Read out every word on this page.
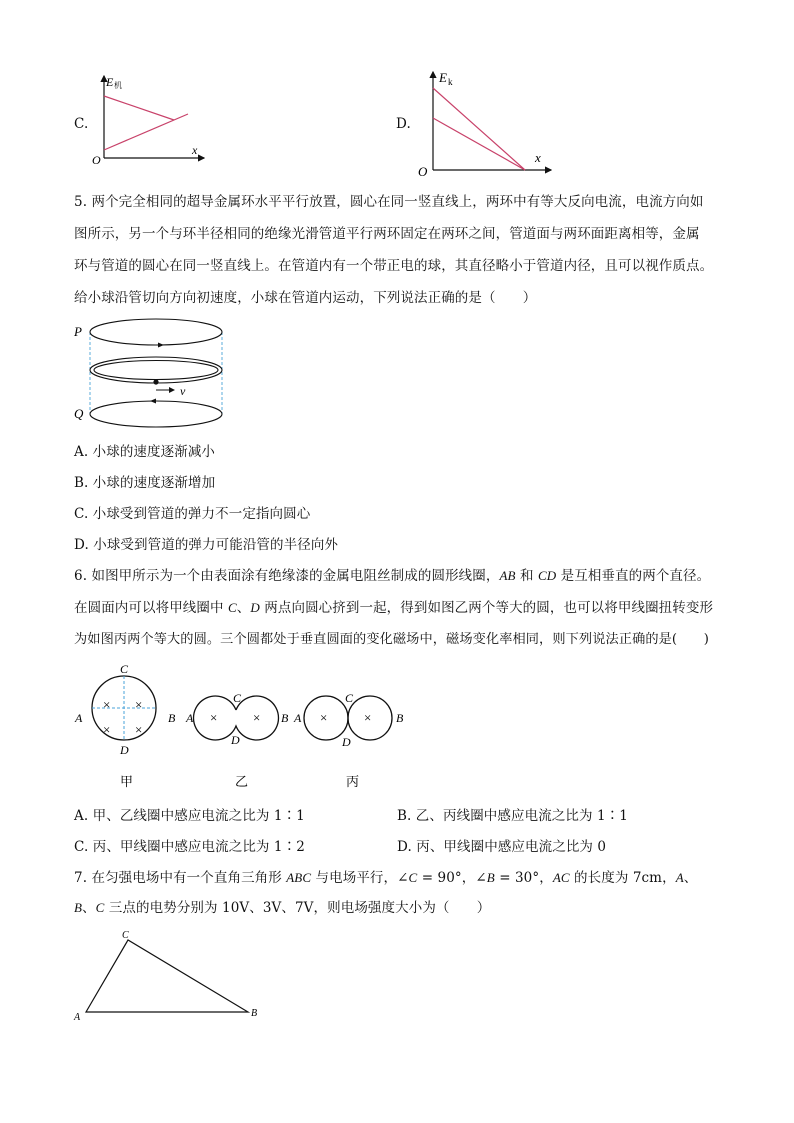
C.
E 机
x
O
D.
E k
x
O
5. 两个完全相同的超导金属环水平平行放置，圆心在同一竖直线上，两环中有等大反向电流，电流方向如
图所示，另一个与环半径相同的绝缘光滑管道平行两环固定在两环之间，管道面与两环面距离相等，金属
环与管道的圆心在同一竖直线上。在管道内有一个带正电的球，其直径略小于管道内径，且可以视作质点。
给小球沿管切向方向初速度，小球在管道内运动，下列说法正确的是（　　）
P
Q
v
A. 小球的速度逐渐减小
B. 小球的速度逐渐增加
C. 小球受到管道的弹力不一定指向圆心
D. 小球受到管道的弹力可能沿管的半径向外
6. 如图甲所示为一个由表面涂有绝缘漆的金属电阻丝制成的圆形线圈，AB 和 CD 是互相垂直的两个直径。
在圆面内可以将甲线圈中 C、D 两点向圆心挤到一起，得到如图乙两个等大的圆，也可以将甲线圈扭转变形
为如图丙两个等大的圆。三个圆都处于垂直圆面的变化磁场中，磁场变化率相同，则下列说法正确的是(　　)
× ×
× ×
C
A	B
D
甲
×	×
C
D
A	B
乙
×	×
C
D
A	B
丙
A. 甲、乙线圈中感应电流之比为 1∶1	B. 乙、丙线圈中感应电流之比为 1∶1
C. 丙、甲线圈中感应电流之比为 1∶2	D. 丙、甲线圈中感应电流之比为 0
7. 在匀强电场中有一个直角三角形 ABC 与电场平行，∠C = 90°，∠B = 30°，AC 的长度为 7cm，A、
B、C 三点的电势分别为 10V、3V、7V，则电场强度大小为（　　）
A	B
C
